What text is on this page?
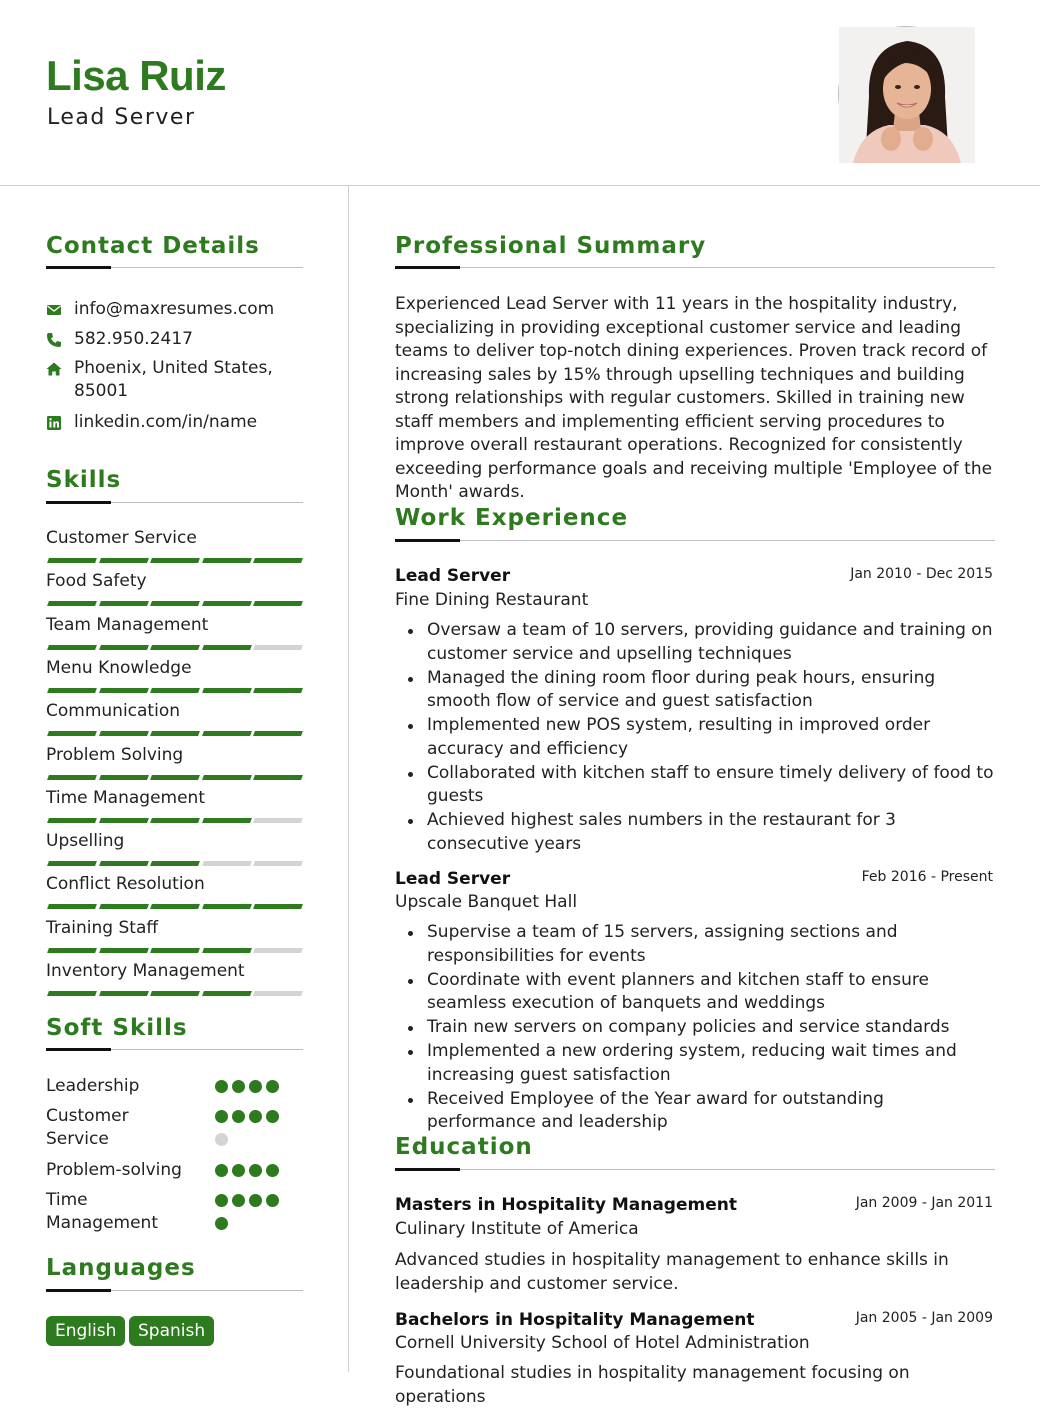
Lisa Ruiz
Lead Server
Contact Details
info@maxresumes.com
582.950.2417
Phoenix, United States, 85001
linkedin.com/in/name
Skills
Customer Service
Food Safety
Team Management
Menu Knowledge
Communication
Problem Solving
Time Management
Upselling
Conflict Resolution
Training Staff
Inventory Management
Soft Skills
Leadership
Customer Service
Problem-solving
Time Management
Languages
English	Spanish
Professional Summary
Experienced Lead Server with 11 years in the hospitality industry, specializing in providing exceptional customer service and leading teams to deliver top-notch dining experiences. Proven track record of increasing sales by 15% through upselling techniques and building strong relationships with regular customers. Skilled in training new staff members and implementing efficient serving procedures to improve overall restaurant operations. Recognized for consistently exceeding performance goals and receiving multiple 'Employee of the Month' awards.
Work Experience
Lead Server	Jan 2010 - Dec 2015
Fine Dining Restaurant
Oversaw a team of 10 servers, providing guidance and training on customer service and upselling techniques
Managed the dining room floor during peak hours, ensuring smooth flow of service and guest satisfaction
Implemented new POS system, resulting in improved order accuracy and efficiency
Collaborated with kitchen staff to ensure timely delivery of food to guests
Achieved highest sales numbers in the restaurant for 3 consecutive years
Lead Server	Feb 2016 - Present
Upscale Banquet Hall
Supervise a team of 15 servers, assigning sections and responsibilities for events
Coordinate with event planners and kitchen staff to ensure seamless execution of banquets and weddings
Train new servers on company policies and service standards
Implemented a new ordering system, reducing wait times and increasing guest satisfaction
Received Employee of the Year award for outstanding performance and leadership
Education
Masters in Hospitality Management	Jan 2009 - Jan 2011
Culinary Institute of America
Advanced studies in hospitality management to enhance skills in leadership and customer service.
Bachelors in Hospitality Management	Jan 2005 - Jan 2009
Cornell University School of Hotel Administration
Foundational studies in hospitality management focusing on operations
